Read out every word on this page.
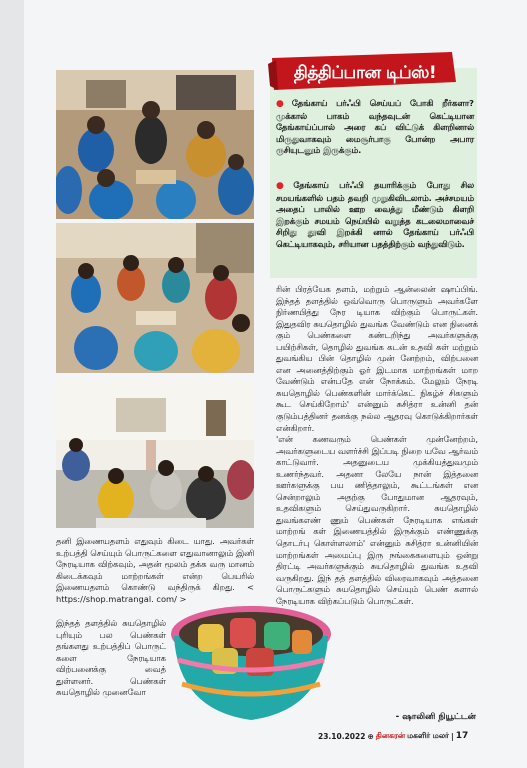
தித்திப்பான டிப்ஸ்!
● தேங்காய் பர்ஃபி செய்யப் போகி றீர்களா? முக்கால் பாகம் வந்தவுடன் கெட்டியான தேங்காய்ப்பால் அரை கப் விட்டுக் கிளறினால் மிருதுவாகவும் மைசூர்பாகு போன்ற அபார ருசியுடனும் இருக்கும்.
● தேங்காய் பர்ஃபி தயாரிக்கும் போது சில சமயங்களில் பதம் தவறி முறுகிவிடலாம். அச்சமயம் அதைப் பாலில் ஊற வைத்து மீண்டும் கிளறி இறக்கும் சமயம் நெய்யில் வறுத்த கடலைமாவைச் சிறிது தூவி இறக்கி னால் தேங்காய் பர்ஃபி கெட்டியாகவும், சரியான பதத்திற்கும் வந்துவிடும்.
ரின் பிரத்யேக தளம், மற்றும் ஆன்லைன் ஷாப்பிங். இந்தத் தளத்தில் ஒவ்வொரு பொருளும் அவர்களே நிர்ணயித்து நேர டியாக விற்கும் பொருட்கள். இதுதவிர சுயதொழில் துவங்க வேண்டும் என நினைக் கும் பெண்களை கண்டறிந்து அவர்களுக்கு பயிற்சிகள், தொழில் துவங்க கடன் உதவி கள் மற்றும் துவங்கிய பின் தொழில் முன் னேற்றம், விற்பனை என அனைத்திற்கும் ஓர் இடமாக மாற்றங்கள் மாற வேண்டும் என்பதே என் நோக்கம். மேலும் நேரடி சுயதொழில் பெண்களின் மார்க்கெட் நிகழ்ச் சிகளும் கூட செய்கிறோம்' என்னும் சுசித்ரா உன்னி தன் குடும்பத்தினர் தனக்கு நல்ல ஆதரவு கொடுக்கிறார்கள் என்கிறார்.
'என் கணவரும் பெண்கள் முன்னேற்றம், அவர்களுடைய வளர்ச்சி இப்படி நிறை யவே ஆர்வம் காட்டுவார். அதனுடைய முக்கியத்துவமும் உணர்ந்தவர். அதனா லேயே நான் இத்தனை ஊர்களுக்கு பய ணித்தாலும், கூட்டங்கள் என சென்றாலும் அதற்கு போதுமான ஆதரவும், உதவிகளும் செய்துவருகிறார். சுயதொழில் துவங்கஎண் ணும் பெண்கள் நேரடியாக எங்கள் மாற்றங் கள் இணையத்தில் இருக்கும் எண்ணுக்கு தொடர்பு கொள்ளலாம்' என்னும் சுசித்ரா உன்னியின் மாற்றங்கள் அமைப்பு இரு நங்கைகளையும் ஒன்று திரட்டி அவர்களுக்கும் சுயதொழில் துவங்க உதவி வருகிறது. இந் தத் தளத்தில் விரைவாகவும் அத்தனை பொருட்களும் சுயதொழில் செய்யும் பெண் களால் நேரடியாக விற்கப்படும் பொருட்கள்.
தனி இணையதளம் எதுவும் கிடை யாது. அவர்கள் உற்பத்தி செய்யும் பொருட்களை எதுவானாலும் இனி நேரடியாக விற்கவும், அதன் மூலம் தக்க வரு மானம் கிடைக்கவும் மாற்றங்கள் என்ற பெயரில் இணையதளம் கொண்டு வந்திருக் கிறது. < https://shop.matrangal. com/ >
இந்தத் தளத்தில் சுயதொழில் புரியும் பல பெண்கள் தங்களது உற்பத்திப் பொருட் களை நேரடியாக விற்பனைக்கு வைத் துள்ளனர். பெண்கள் சுயதொழில் முனைவோ
- ஷாலினி நியூட்டன்
23.10.2022 ⊕ தினகரன் மகளிர் மலர் | 17
